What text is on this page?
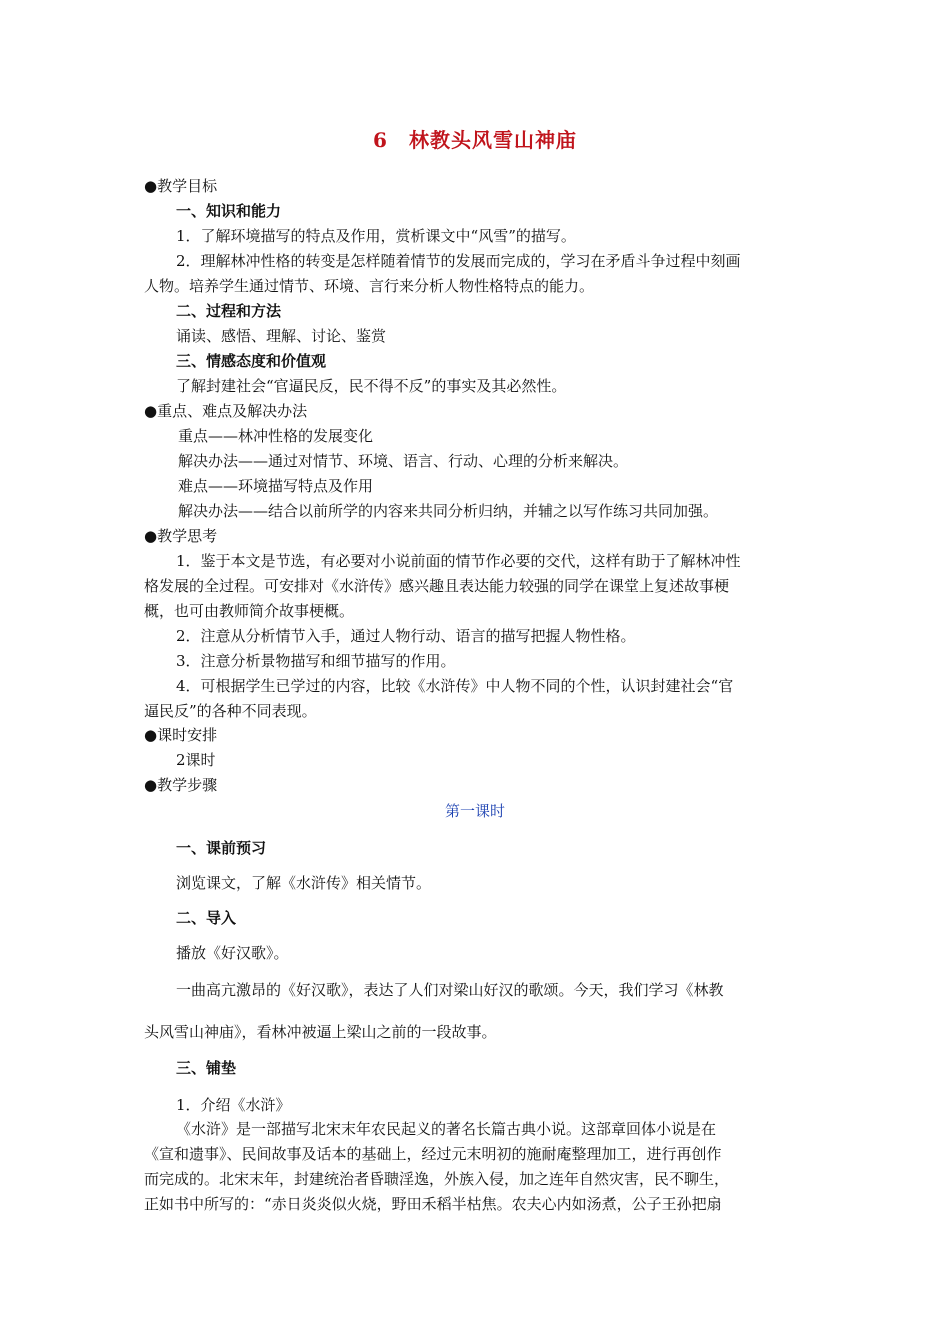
6　林教头风雪山神庙
●教学目标
一、知识和能力
1．了解环境描写的特点及作用，赏析课文中“风雪”的描写。
2．理解林冲性格的转变是怎样随着情节的发展而完成的，学习在矛盾斗争过程中刻画
人物。培养学生通过情节、环境、言行来分析人物性格特点的能力。
二、过程和方法
诵读、感悟、理解、讨论、鉴赏
三、情感态度和价值观
了解封建社会“官逼民反，民不得不反”的事实及其必然性。
●重点、难点及解决办法
重点——林冲性格的发展变化
解决办法——通过对情节、环境、语言、行动、心理的分析来解决。
难点——环境描写特点及作用
解决办法——结合以前所学的内容来共同分析归纳，并辅之以写作练习共同加强。
●教学思考
1．鉴于本文是节选，有必要对小说前面的情节作必要的交代，这样有助于了解林冲性
格发展的全过程。可安排对《水浒传》感兴趣且表达能力较强的同学在课堂上复述故事梗
概，也可由教师简介故事梗概。
2．注意从分析情节入手，通过人物行动、语言的描写把握人物性格。
3．注意分析景物描写和细节描写的作用。
4．可根据学生已学过的内容，比较《水浒传》中人物不同的个性，认识封建社会“官
逼民反”的各种不同表现。
●课时安排
2课时
●教学步骤
第一课时
一、课前预习
浏览课文，了解《水浒传》相关情节。
二、导入
播放《好汉歌》。
一曲高亢激昂的《好汉歌》，表达了人们对梁山好汉的歌颂。今天，我们学习《林教
头风雪山神庙》，看林冲被逼上梁山之前的一段故事。
三、铺垫
1．介绍《水浒》
《水浒》是一部描写北宋末年农民起义的著名长篇古典小说。这部章回体小说是在
《宣和遗事》、民间故事及话本的基础上，经过元末明初的施耐庵整理加工，进行再创作
而完成的。北宋末年，封建统治者昏聩淫逸，外族入侵，加之连年自然灾害，民不聊生，
正如书中所写的：“赤日炎炎似火烧，野田禾稻半枯焦。农夫心内如汤煮，公子王孙把扇
